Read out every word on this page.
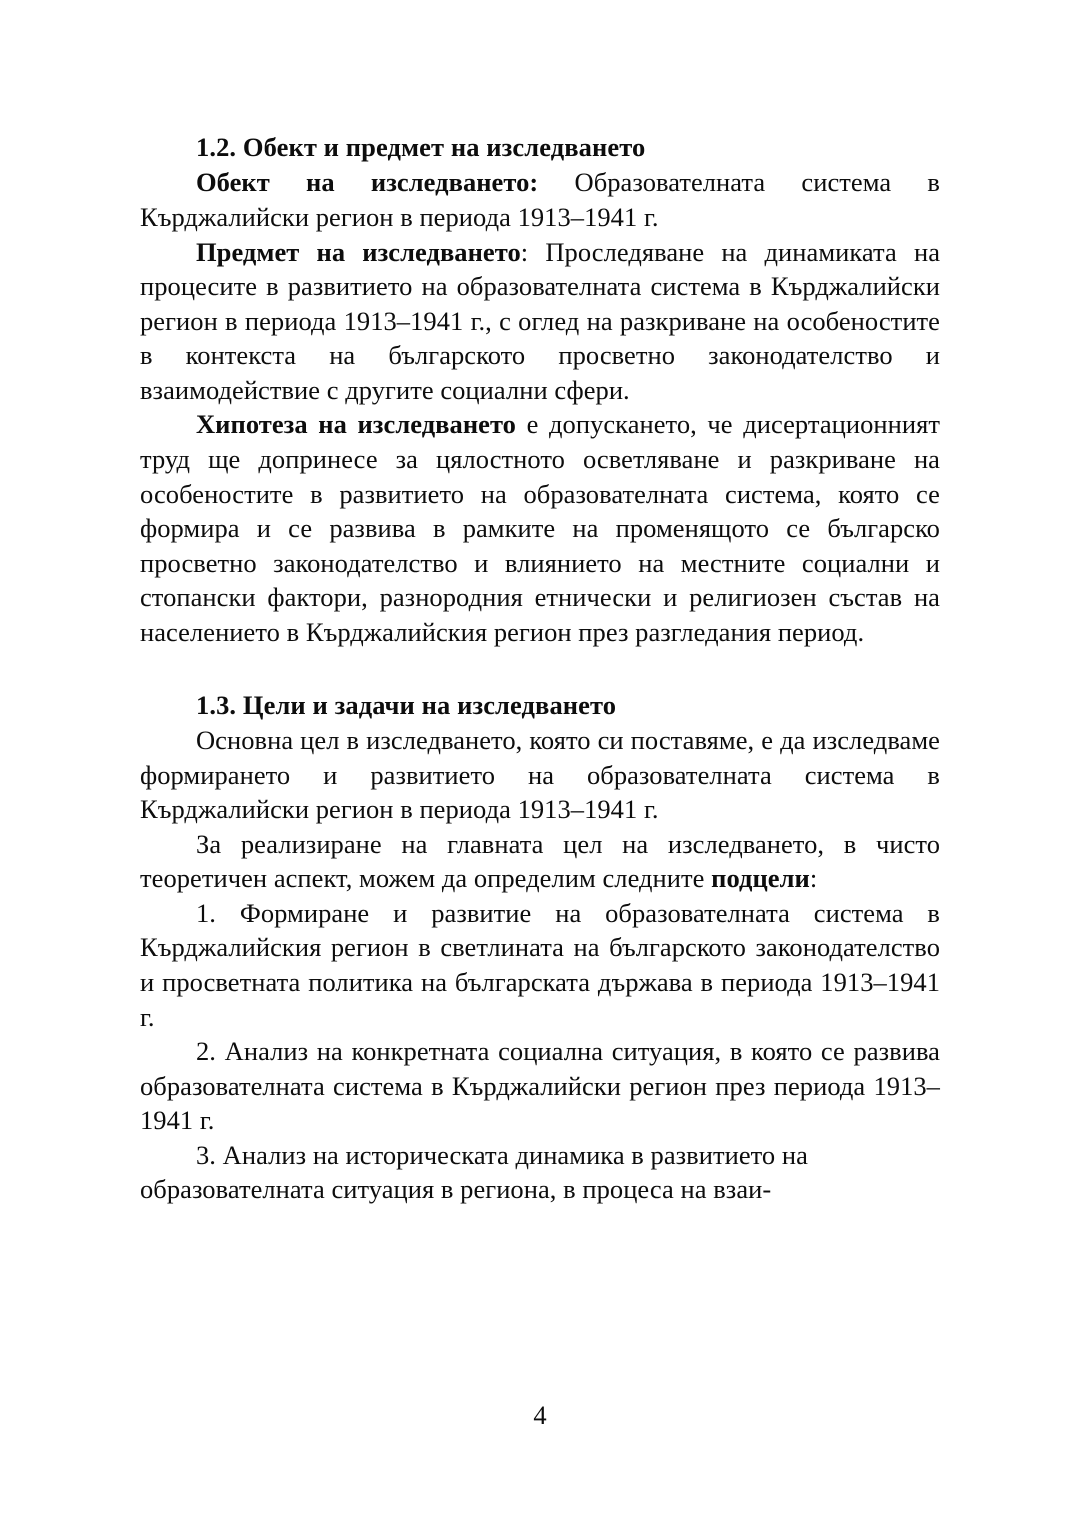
1.2. Обект и предмет на изследването

Обект на изследването: Образователната система в Кърджалийски регион в периода 1913–1941 г.

Предмет на изследването: Проследяване на динамиката на процесите в развитието на образователната система в Кърджалийски регион в периода 1913–1941 г., с оглед на разкриване на особеностите в контекста на българското просветно законодателство и взаимодействие с другите социални сфери.

Хипотеза на изследването е допускането, че дисертационният труд ще допринесе за цялостното осветляване и разкриване на особеностите в развитието на образователната система, която се формира и се развива в рамките на променящото се българско просветно законодателство и влиянието на местните социални и стопански фактори, разнородния етнически и религиозен състав на населението в Кърджалийския регион през разгледания период.

1.3. Цели и задачи на изследването

Основна цел в изследването, която си поставяме, е да изследваме формирането и развитието на образователната система в Кърджалийски регион в периода 1913–1941 г.

За реализиране на главната цел на изследването, в чисто теоретичен аспект, можем да определим следните подцели:

1. Формиране и развитие на образователната система в Кърджалийския регион в светлината на българското законодателство и просветната политика на българската държава в периода 1913–1941 г.

2. Анализ на конкретната социална ситуация, в която се развива образователната система в Кърджалийски регион през периода 1913–1941 г.

3. Анализ на историческата динамика в развитието на образователната ситуация в региона, в процеса на взаи-

4
